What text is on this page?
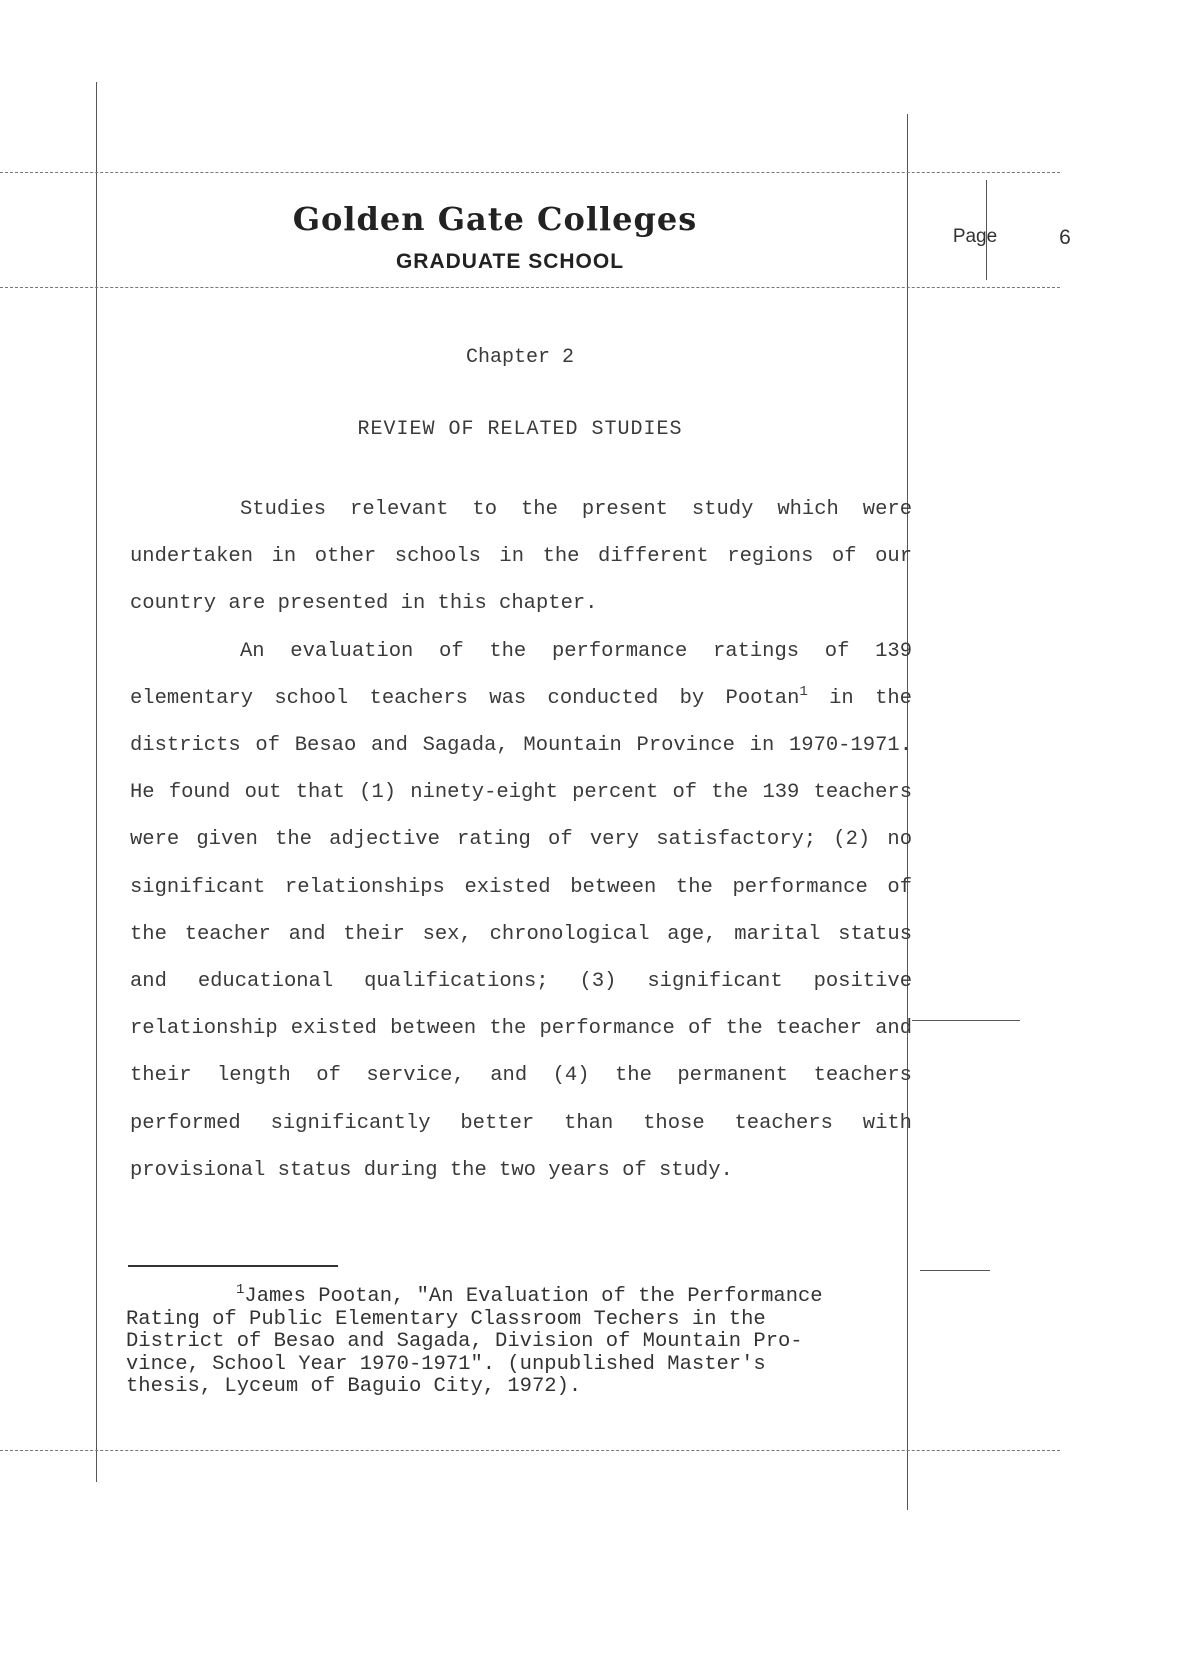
Golden Gate Colleges
GRADUATE SCHOOL
Page	6
Chapter 2
REVIEW OF RELATED STUDIES

Studies relevant to the present study which were undertaken in other schools in the different regions of our country are presented in this chapter.

An evaluation of the performance ratings of 139 elementary school teachers was conducted by Pootan$^1$ in the districts of Besao and Sagada, Mountain Province in 1970-1971. He found out that (1) ninety-eight percent of the 139 teachers were given the adjective rating of very satisfactory; (2) no significant relationships existed between the performance of the teacher and their sex, chronological age, marital status and educational qualifications; (3) significant positive relationship existed between the performance of the teacher and their length of service, and (4) the permanent teachers performed significantly better than those teachers with provisional status during the two years of study.

$^1$James Pootan, "An Evaluation of the Performance
Rating of Public Elementary Classroom Techers in the
District of Besao and Sagada, Division of Mountain Pro-
vince, School Year 1970-1971". (unpublished Master's
thesis, Lyceum of Baguio City, 1972).
